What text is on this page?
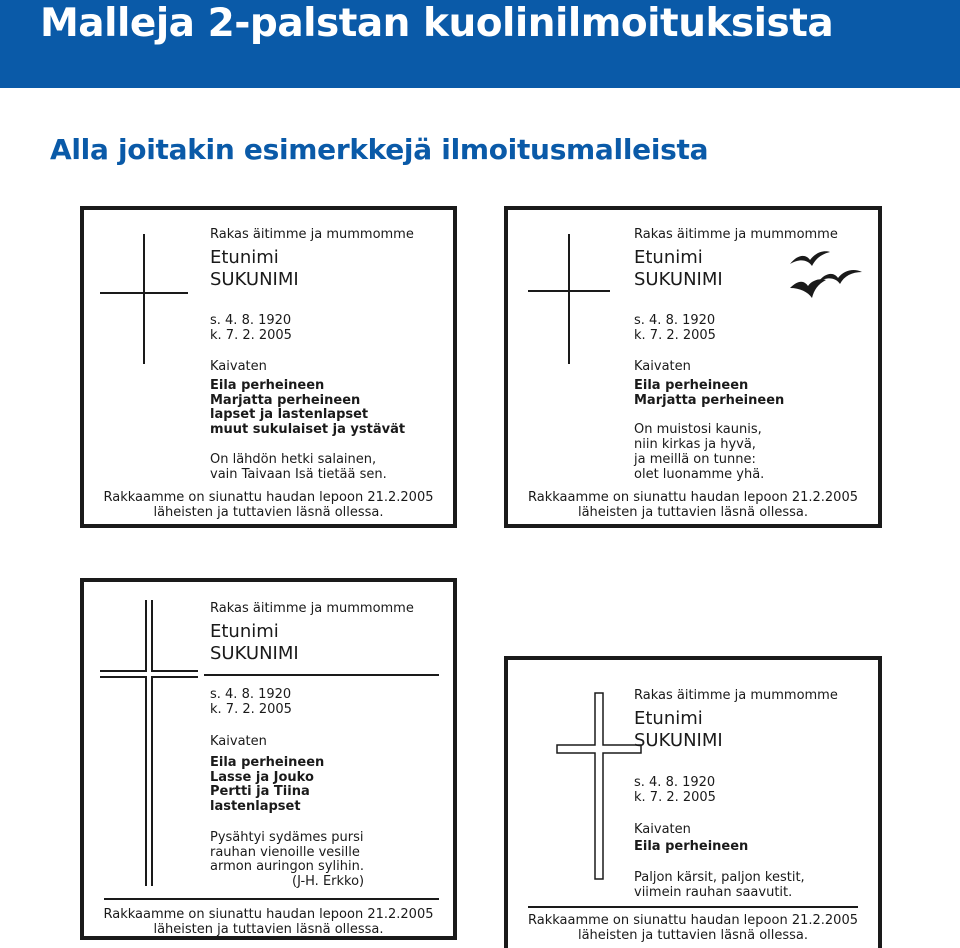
Malleja 2-palstan kuolinilmoituksista
Alla joitakin esimerkkejä ilmoitusmalleista
Rakas äitimme ja mummomme
Etunimi
SUKUNIMI
s. 4. 8. 1920
k. 7. 2. 2005
Kaivaten
Eila perheineen
Marjatta perheineen
lapset ja lastenlapset
muut sukulaiset ja ystävät
On lähdön hetki salainen,
vain Taivaan Isä tietää sen.
Rakkaamme on siunattu haudan lepoon 21.2.2005
läheisten ja tuttavien läsnä ollessa.
Rakas äitimme ja mummomme
Etunimi
SUKUNIMI
s. 4. 8. 1920
k. 7. 2. 2005
Kaivaten
Eila perheineen
Marjatta perheineen
On muistosi kaunis,
niin kirkas ja hyvä,
ja meillä on tunne:
olet luonamme yhä.
Rakkaamme on siunattu haudan lepoon 21.2.2005
läheisten ja tuttavien läsnä ollessa.
Rakas äitimme ja mummomme
Etunimi
SUKUNIMI
s. 4. 8. 1920
k. 7. 2. 2005
Kaivaten
Eila perheineen
Lasse ja Jouko
Pertti ja Tiina
lastenlapset
Pysähtyi sydämes pursi
rauhan vienoille vesille
armon auringon sylihin.
(J-H. Erkko)
Rakkaamme on siunattu haudan lepoon 21.2.2005
läheisten ja tuttavien läsnä ollessa.
Rakas äitimme ja mummomme
Etunimi
SUKUNIMI
s. 4. 8. 1920
k. 7. 2. 2005
Kaivaten
Eila perheineen
Paljon kärsit, paljon kestit,
viimein rauhan saavutit.
Rakkaamme on siunattu haudan lepoon 21.2.2005
läheisten ja tuttavien läsnä ollessa.
